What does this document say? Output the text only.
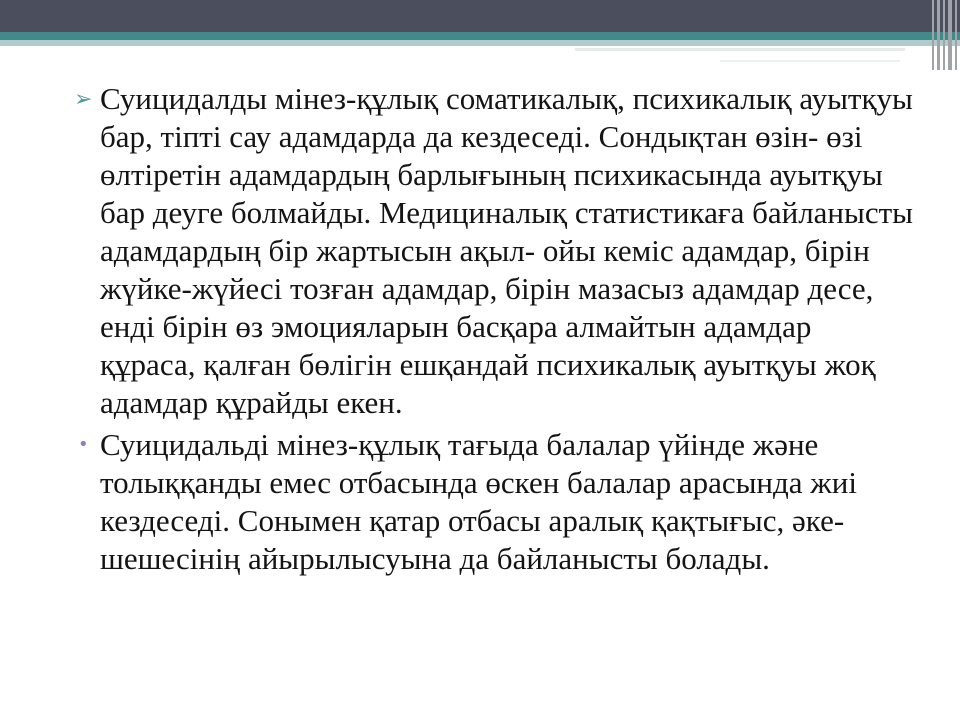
➢ Суицидалды мінез-құлық соматикалық, психикалық ауытқуы бар, тіпті сау адамдарда да кездеседі. Сондықтан өзін- өзі өлтіретін адамдардың барлығының психикасында ауытқуы бар деуге болмайды. Медициналық статистикаға байланысты адамдардың бір жартысын ақыл- ойы кеміс адамдар, бірін жүйке-жүйесі тозған адамдар, бірін мазасыз адамдар десе, енді бірін өз эмоцияларын басқара алмайтын адамдар құраса, қалған бөлігін ешқандай психикалық ауытқуы жоқ адамдар құрайды екен.

• Суицидальді мінез-құлық тағыда балалар үйінде және толыққанды емес отбасында өскен балалар арасында жиі кездеседі. Сонымен қатар отбасы аралық қақтығыс, әке-шешесінің айырылысуына да байланысты болады.
